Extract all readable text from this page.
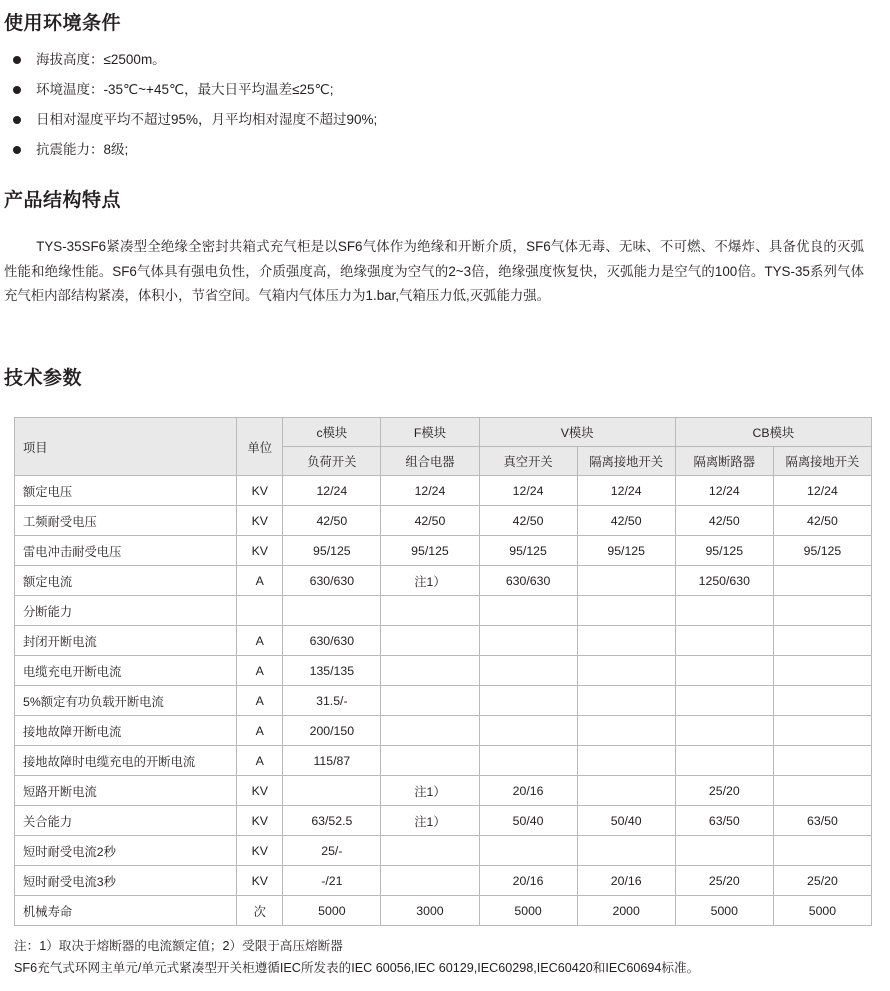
使用环境条件
海拔高度：≤2500m。
环境温度：-35℃~+45℃，最大日平均温差≤25℃;
日相对湿度平均不超过95%，月平均相对湿度不超过90%;
抗震能力：8级;
产品结构特点

TYS-35SF6紧凑型全绝缘全密封共箱式充气柜是以SF6气体作为绝缘和开断介质，SF6气体无毒、无味、不可燃、不爆炸、具备优良的灭弧性能和绝缘性能。SF6气体具有强电负性，介质强度高，绝缘强度为空气的2~3倍，绝缘强度恢复快，灭弧能力是空气的100倍。TYS-35系列气体充气柜内部结构紧凑，体积小，节省空间。气箱内气体压力为1.bar,气箱压力低,灭弧能力强。

技术参数
项目	单位	c模块	F模块	V模块		CB模块	
		负荷开关	组合电器	真空开关	隔离接地开关	隔离断路器	隔离接地开关
额定电压	KV	12/24	12/24	12/24	12/24	12/24	12/24
工频耐受电压	KV	42/50	42/50	42/50	42/50	42/50	42/50
雷电冲击耐受电压	KV	95/125	95/125	95/125	95/125	95/125	95/125
额定电流	A	630/630	注1）	630/630		1250/630	
分断能力							
封闭开断电流	A	630/630					
电缆充电开断电流	A	135/135					
5%额定有功负载开断电流	A	31.5/-					
接地故障开断电流	A	200/150					
接地故障时电缆充电的开断电流	A	115/87					
短路开断电流	KV		注1）	20/16		25/20	
关合能力	KV	63/52.5	注1）	50/40	50/40	63/50	63/50
短时耐受电流2秒	KV	25/-					
短时耐受电流3秒	KV	-/21		20/16	20/16	25/20	25/20
机械寿命	次	5000	3000	5000	2000	5000	5000
注：1）取决于熔断器的电流额定值；2）受限于高压熔断器
SF6充气式环网主单元/单元式紧凑型开关柜遵循IEC所发表的IEC 60056,IEC 60129,IEC60298,IEC60420和IEC60694标准。
